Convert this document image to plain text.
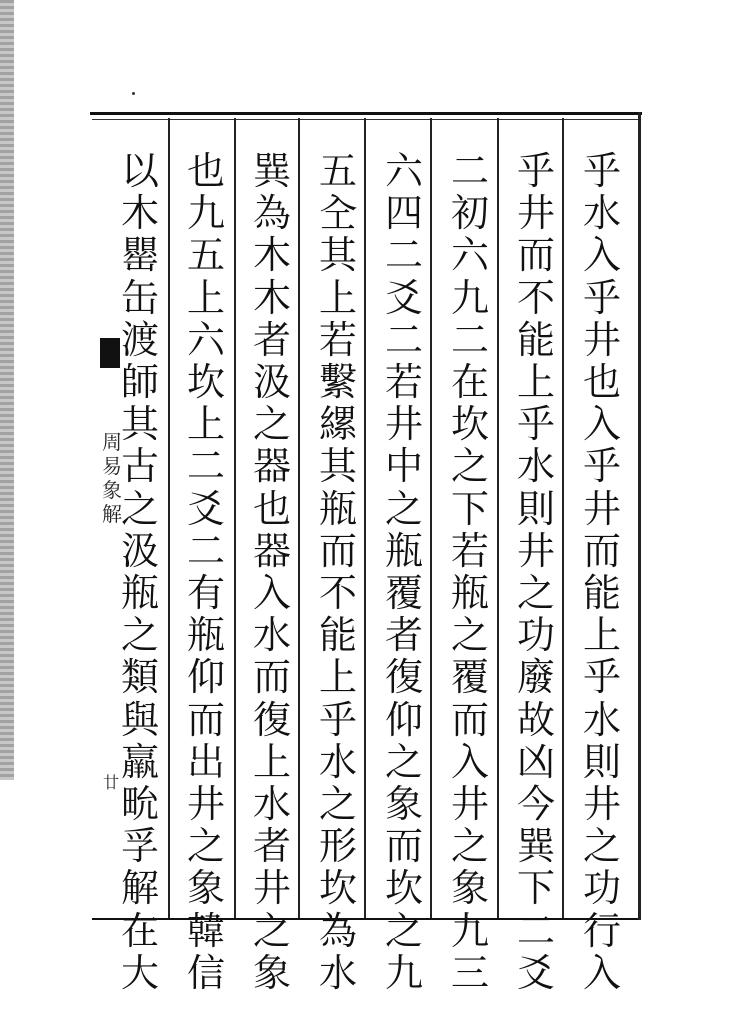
乎水入乎井也入乎井而能上乎水則井之功行入
乎井而不能上乎水則井之功廢故凶今巽下二爻
二初六九二在坎之下若瓶之覆而入井之象九三
六四二爻二若井中之瓶覆者復仰之象而坎之九
五㒰其上若繫縲其瓶而不能上乎水之形坎為水
巽為木木者汲之器也器入水而復上水者井之象
也九五上六坎上二爻二有瓶仰而出井之象韓信
以木罌缶渡師其古之汲瓶之類與羸㽙孚解在大
周易象解
廿
